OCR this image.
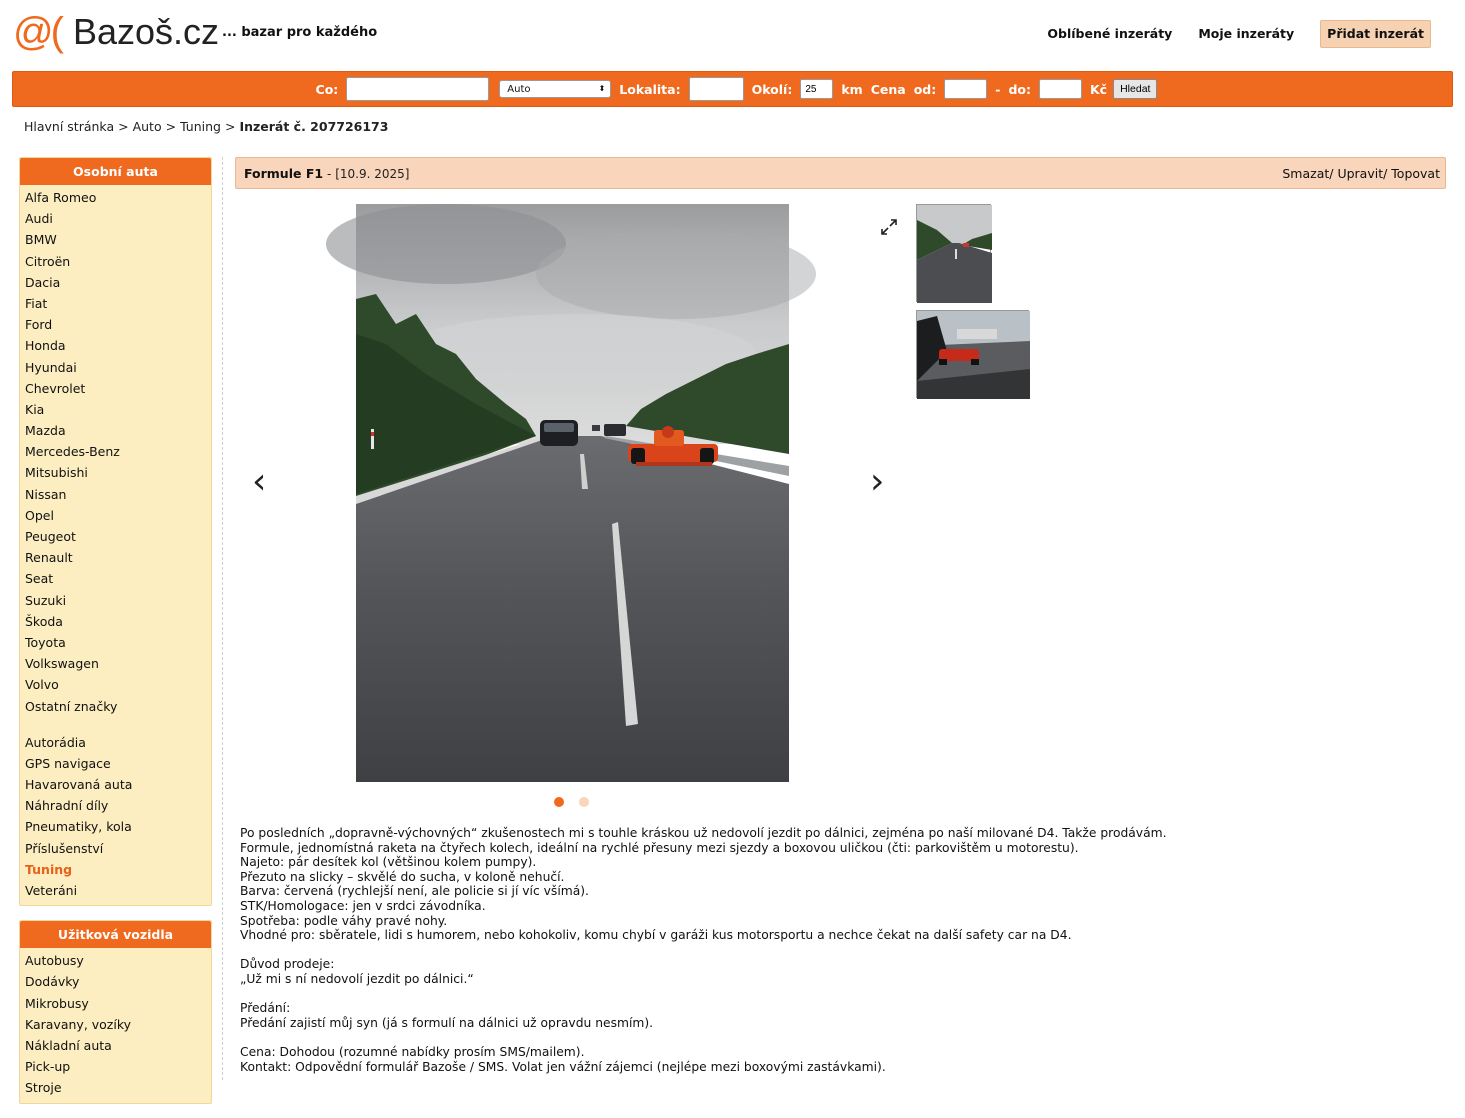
@( Bazoš.cz ... bazar pro každého	Oblíbené inzeráty Moje inzeráty	Přidat inzerát
Co:	Auto	⬍ Lokalita:	Okolí:
25	km Cena od:	- do:	Kč	Hledat
Hlavní stránka > Auto > Tuning > Inzerát č. 207726173
Osobní auta
Alfa Romeo
Audi
BMW
Citroën
Dacia
Fiat
Ford
Honda
Hyundai
Chevrolet
Kia
Mazda
Mercedes-Benz
Mitsubishi
Nissan
Opel
Peugeot
Renault
Seat
Suzuki
Škoda
Toyota
Volkswagen
Volvo
Ostatní značky
Autorádia
GPS navigace
Havarovaná auta
Náhradní díly
Pneumatiky, kola
Příslušenství
Tuning
Veteráni
Užitková vozidla
Autobusy
Dodávky
Mikrobusy
Karavany, vozíky
Nákladní auta
Pick-up
Stroje
Formule F1 - [10.9. 2025]	Smazat/ Upravit/ Topovat
‹	›
Po posledních „dopravně-výchovných“ zkušenostech mi s touhle kráskou už nedovolí jezdit po dálnici, zejména po naší milované D4. Takže prodávám.
Formule, jednomístná raketa na čtyřech kolech, ideální na rychlé přesuny mezi sjezdy a boxovou uličkou (čti: parkovištěm u motorestu).
Najeto: pár desítek kol (většinou kolem pumpy).
Přezuto na slicky – skvělé do sucha, v koloně nehučí.
Barva: červená (rychlejší není, ale policie si jí víc všímá).
STK/Homologace: jen v srdci závodníka.
Spotřeba: podle váhy pravé nohy.
Vhodné pro: sběratele, lidi s humorem, nebo kohokoliv, komu chybí v garáži kus motorsportu a nechce čekat na další safety car na D4.
Důvod prodeje:
„Už mi s ní nedovolí jezdit po dálnici.“
Předání:
Předání zajistí můj syn (já s formulí na dálnici už opravdu nesmím).
Cena: Dohodou (rozumné nabídky prosím SMS/mailem).
Kontakt: Odpovědní formulář Bazoše / SMS. Volat jen vážní zájemci (nejlépe mezi boxovými zastávkami).
